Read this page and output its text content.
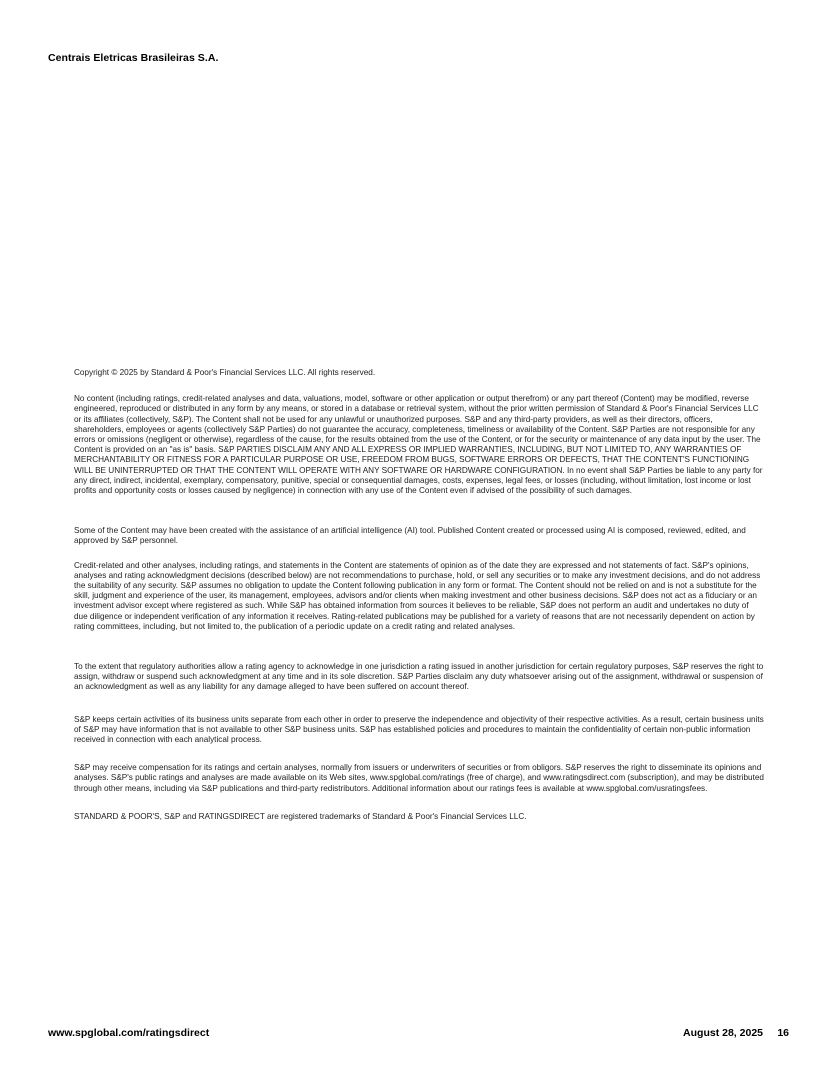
Centrais Eletricas Brasileiras S.A.

Copyright © 2025 by Standard & Poor's Financial Services LLC. All rights reserved.

No content (including ratings, credit-related analyses and data, valuations, model, software or other application or output therefrom) or any part thereof (Content) may be modified, reverse engineered, reproduced or distributed in any form by any means, or stored in a database or retrieval system, without the prior written permission of Standard & Poor's Financial Services LLC or its affiliates (collectively, S&P). The Content shall not be used for any unlawful or unauthorized purposes. S&P and any third-party providers, as well as their directors, officers, shareholders, employees or agents (collectively S&P Parties) do not guarantee the accuracy, completeness, timeliness or availability of the Content. S&P Parties are not responsible for any errors or omissions (negligent or otherwise), regardless of the cause, for the results obtained from the use of the Content, or for the security or maintenance of any data input by the user. The Content is provided on an "as is" basis. S&P PARTIES DISCLAIM ANY AND ALL EXPRESS OR IMPLIED WARRANTIES, INCLUDING, BUT NOT LIMITED TO, ANY WARRANTIES OF MERCHANTABILITY OR FITNESS FOR A PARTICULAR PURPOSE OR USE, FREEDOM FROM BUGS, SOFTWARE ERRORS OR DEFECTS, THAT THE CONTENT'S FUNCTIONING WILL BE UNINTERRUPTED OR THAT THE CONTENT WILL OPERATE WITH ANY SOFTWARE OR HARDWARE CONFIGURATION. In no event shall S&P Parties be liable to any party for any direct, indirect, incidental, exemplary, compensatory, punitive, special or consequential damages, costs, expenses, legal fees, or losses (including, without limitation, lost income or lost profits and opportunity costs or losses caused by negligence) in connection with any use of the Content even if advised of the possibility of such damages.

Some of the Content may have been created with the assistance of an artificial intelligence (AI) tool. Published Content created or processed using AI is composed, reviewed, edited, and approved by S&P personnel.

Credit-related and other analyses, including ratings, and statements in the Content are statements of opinion as of the date they are expressed and not statements of fact. S&P's opinions, analyses and rating acknowledgment decisions (described below) are not recommendations to purchase, hold, or sell any securities or to make any investment decisions, and do not address the suitability of any security. S&P assumes no obligation to update the Content following publication in any form or format. The Content should not be relied on and is not a substitute for the skill, judgment and experience of the user, its management, employees, advisors and/or clients when making investment and other business decisions. S&P does not act as a fiduciary or an investment advisor except where registered as such. While S&P has obtained information from sources it believes to be reliable, S&P does not perform an audit and undertakes no duty of due diligence or independent verification of any information it receives. Rating-related publications may be published for a variety of reasons that are not necessarily dependent on action by rating committees, including, but not limited to, the publication of a periodic update on a credit rating and related analyses.

To the extent that regulatory authorities allow a rating agency to acknowledge in one jurisdiction a rating issued in another jurisdiction for certain regulatory purposes, S&P reserves the right to assign, withdraw or suspend such acknowledgment at any time and in its sole discretion. S&P Parties disclaim any duty whatsoever arising out of the assignment, withdrawal or suspension of an acknowledgment as well as any liability for any damage alleged to have been suffered on account thereof.

S&P keeps certain activities of its business units separate from each other in order to preserve the independence and objectivity of their respective activities. As a result, certain business units of S&P may have information that is not available to other S&P business units. S&P has established policies and procedures to maintain the confidentiality of certain non-public information received in connection with each analytical process.

S&P may receive compensation for its ratings and certain analyses, normally from issuers or underwriters of securities or from obligors. S&P reserves the right to disseminate its opinions and analyses. S&P's public ratings and analyses are made available on its Web sites, www.spglobal.com/ratings (free of charge), and www.ratingsdirect.com (subscription), and may be distributed through other means, including via S&P publications and third-party redistributors. Additional information about our ratings fees is available at www.spglobal.com/usratingsfees.

STANDARD & POOR'S, S&P and RATINGSDIRECT are registered trademarks of Standard & Poor's Financial Services LLC.

www.spglobal.com/ratingsdirect	August 28, 2025 16
